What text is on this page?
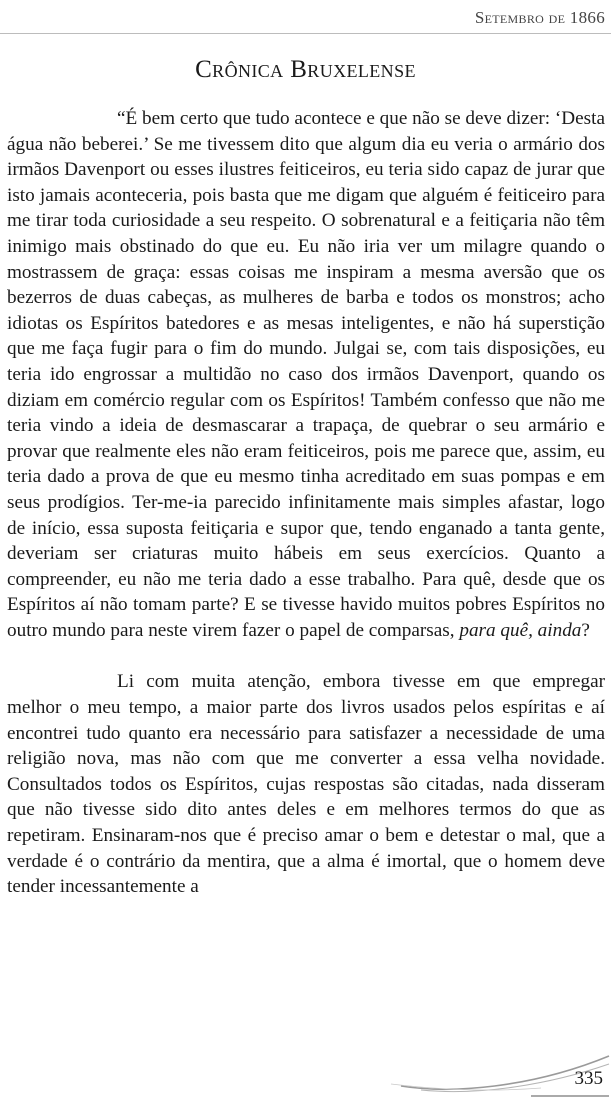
Setembro de 1866
Crônica Bruxelense

“É bem certo que tudo acontece e que não se deve dizer: ‘Desta água não beberei.’ Se me tivessem dito que algum dia eu veria o armário dos irmãos Davenport ou esses ilustres feiticeiros, eu teria sido capaz de jurar que isto jamais aconteceria, pois basta que me digam que alguém é feiticeiro para me tirar toda curiosidade a seu respeito. O sobrenatural e a feitiçaria não têm inimigo mais obstinado do que eu. Eu não iria ver um milagre quando o mostrassem de graça: essas coisas me inspiram a mesma aversão que os bezerros de duas cabeças, as mulheres de barba e todos os monstros; acho idiotas os Espíritos batedores e as mesas inteligentes, e não há superstição que me faça fugir para o fim do mundo. Julgai se, com tais disposições, eu teria ido engrossar a multidão no caso dos irmãos Davenport, quando os diziam em comércio regular com os Espíritos! Também confesso que não me teria vindo a ideia de desmascarar a trapaça, de quebrar o seu armário e provar que realmente eles não eram feiticeiros, pois me parece que, assim, eu teria dado a prova de que eu mesmo tinha acreditado em suas pompas e em seus prodígios. Ter-me-ia parecido infinitamente mais simples afastar, logo de início, essa suposta feitiçaria e supor que, tendo enganado a tanta gente, deveriam ser criaturas muito hábeis em seus exercícios. Quanto a compreender, eu não me teria dado a esse trabalho. Para quê, desde que os Espíritos aí não tomam parte? E se tivesse havido muitos pobres Espíritos no outro mundo para neste virem fazer o papel de comparsas, para quê, ainda?

Li com muita atenção, embora tivesse em que empregar melhor o meu tempo, a maior parte dos livros usados pelos espíritas e aí encontrei tudo quanto era necessário para satisfazer a necessidade de uma religião nova, mas não com que me converter a essa velha novidade. Consultados todos os Espíritos, cujas respostas são citadas, nada disseram que não tivesse sido dito antes deles e em melhores termos do que as repetiram. Ensinaram-nos que é preciso amar o bem e detestar o mal, que a verdade é o contrário da mentira, que a alma é imortal, que o homem deve tender incessantemente a

335
